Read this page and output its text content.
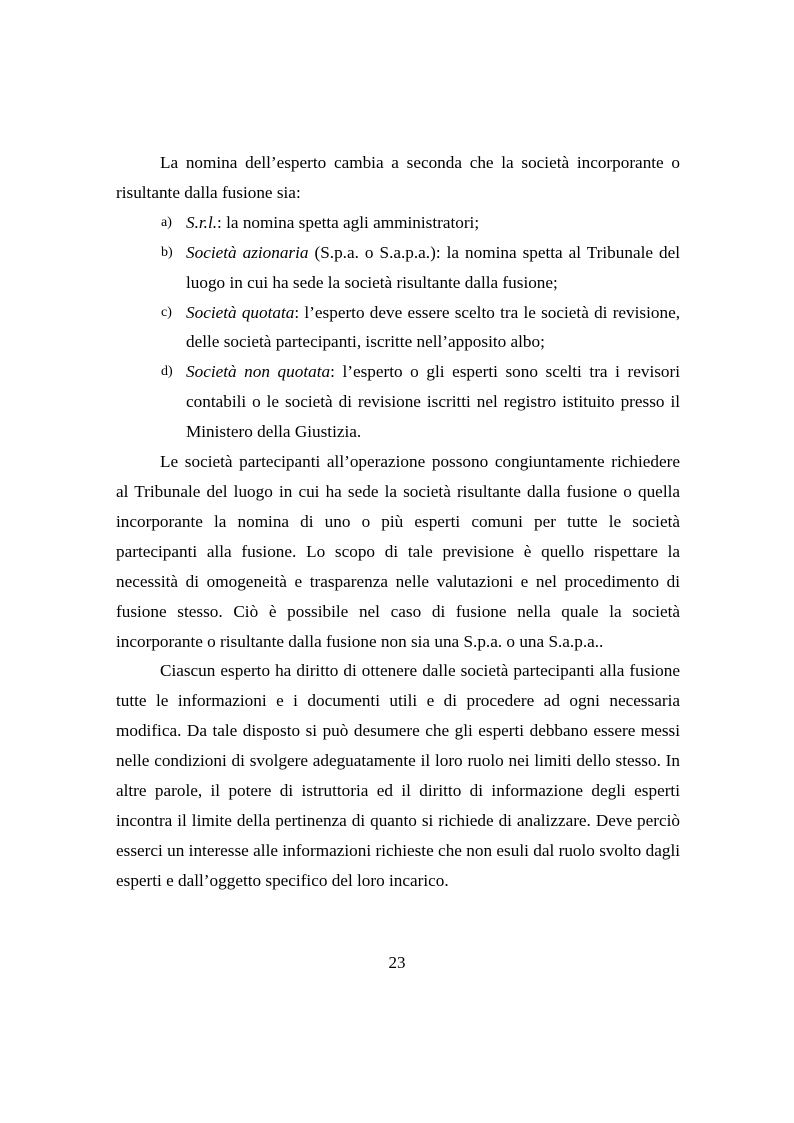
La nomina dell’esperto cambia a seconda che la società incorporante o risultante dalla fusione sia:

a) S.r.l.: la nomina spetta agli amministratori;
b) Società azionaria (S.p.a. o S.a.p.a.): la nomina spetta al Tribunale del luogo in cui ha sede la società risultante dalla fusione;
c) Società quotata: l’esperto deve essere scelto tra le società di revisione, delle società partecipanti, iscritte nell’apposito albo;
d) Società non quotata: l’esperto o gli esperti sono scelti tra i revisori contabili o le società di revisione iscritti nel registro istituito presso il Ministero della Giustizia.

Le società partecipanti all’operazione possono congiuntamente richiedere al Tribunale del luogo in cui ha sede la società risultante dalla fusione o quella incorporante la nomina di uno o più esperti comuni per tutte le società partecipanti alla fusione. Lo scopo di tale previsione è quello rispettare la necessità di omogeneità e trasparenza nelle valutazioni e nel procedimento di fusione stesso. Ciò è possibile nel caso di fusione nella quale la società incorporante o risultante dalla fusione non sia una S.p.a. o una S.a.p.a..

Ciascun esperto ha diritto di ottenere dalle società partecipanti alla fusione tutte le informazioni e i documenti utili e di procedere ad ogni necessaria modifica. Da tale disposto si può desumere che gli esperti debbano essere messi nelle condizioni di svolgere adeguatamente il loro ruolo nei limiti dello stesso. In altre parole, il potere di istruttoria ed il diritto di informazione degli esperti incontra il limite della pertinenza di quanto si richiede di analizzare. Deve perciò esserci un interesse alle informazioni richieste che non esuli dal ruolo svolto dagli esperti e dall’oggetto specifico del loro incarico.

23
